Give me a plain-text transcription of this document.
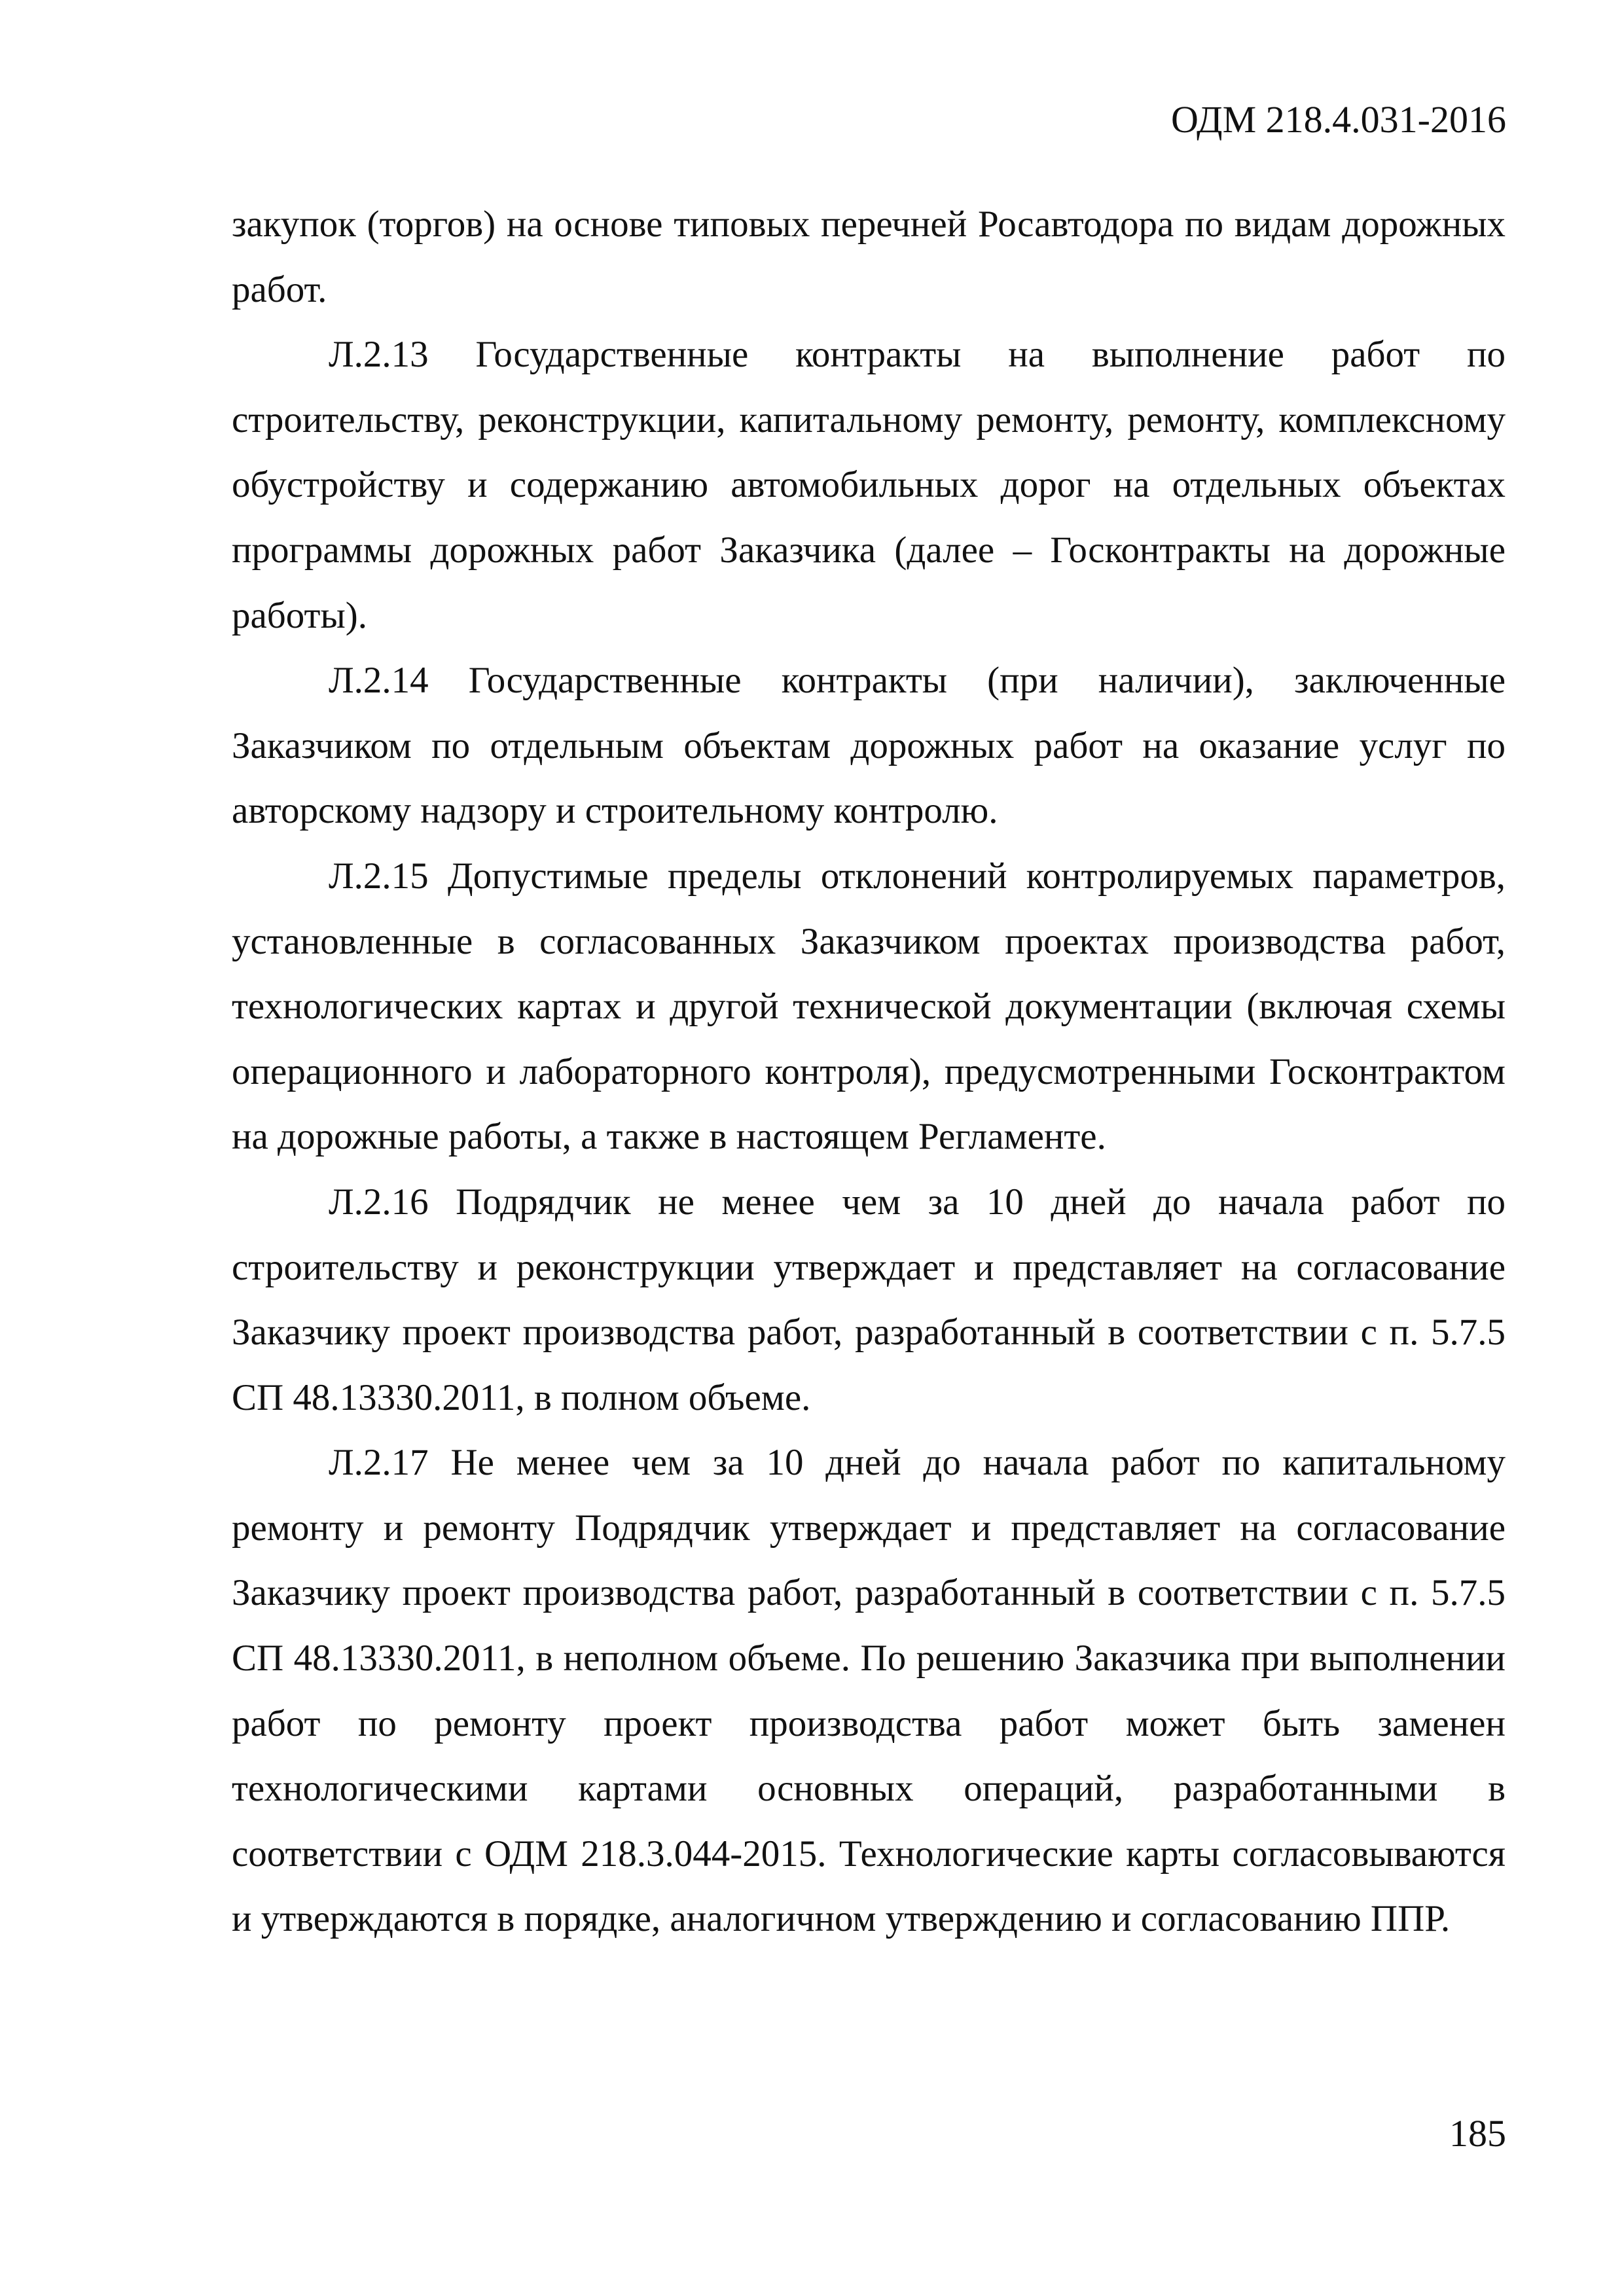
ОДМ 218.4.031-2016

закупок (торгов) на основе типовых перечней Росавтодора по видам дорожных работ.

Л.2.13 Государственные контракты на выполнение работ по строительству, реконструкции, капитальному ремонту, ремонту, комплексному обустройству и содержанию автомобильных дорог на отдельных объектах программы дорожных работ Заказчика (далее – Госконтракты на дорожные работы).

Л.2.14 Государственные контракты (при наличии), заключенные Заказчиком по отдельным объектам дорожных работ на оказание услуг по авторскому надзору и строительному контролю.

Л.2.15 Допустимые пределы отклонений контролируемых параметров, установленные в согласованных Заказчиком проектах производства работ, технологических картах и другой технической документации (включая схемы операционного и лабораторного контроля), предусмотренными Госконтрактом на дорожные работы, а также в настоящем Регламенте.

Л.2.16 Подрядчик не менее чем за 10 дней до начала работ по строительству и реконструкции утверждает и представляет на согласование Заказчику проект производства работ, разработанный в соответствии с п. 5.7.5 СП 48.13330.2011, в полном объеме.

Л.2.17 Не менее чем за 10 дней до начала работ по капитальному ремонту и ремонту Подрядчик утверждает и представляет на согласование Заказчику проект производства работ, разработанный в соответствии с п. 5.7.5 СП 48.13330.2011, в неполном объеме. По решению Заказчика при выполнении работ по ремонту проект производства работ может быть заменен технологическими картами основных операций, разработанными в соответствии с ОДМ 218.3.044-2015. Технологические карты согласовываются и утверждаются в порядке, аналогичном утверждению и согласованию ППР.

185
